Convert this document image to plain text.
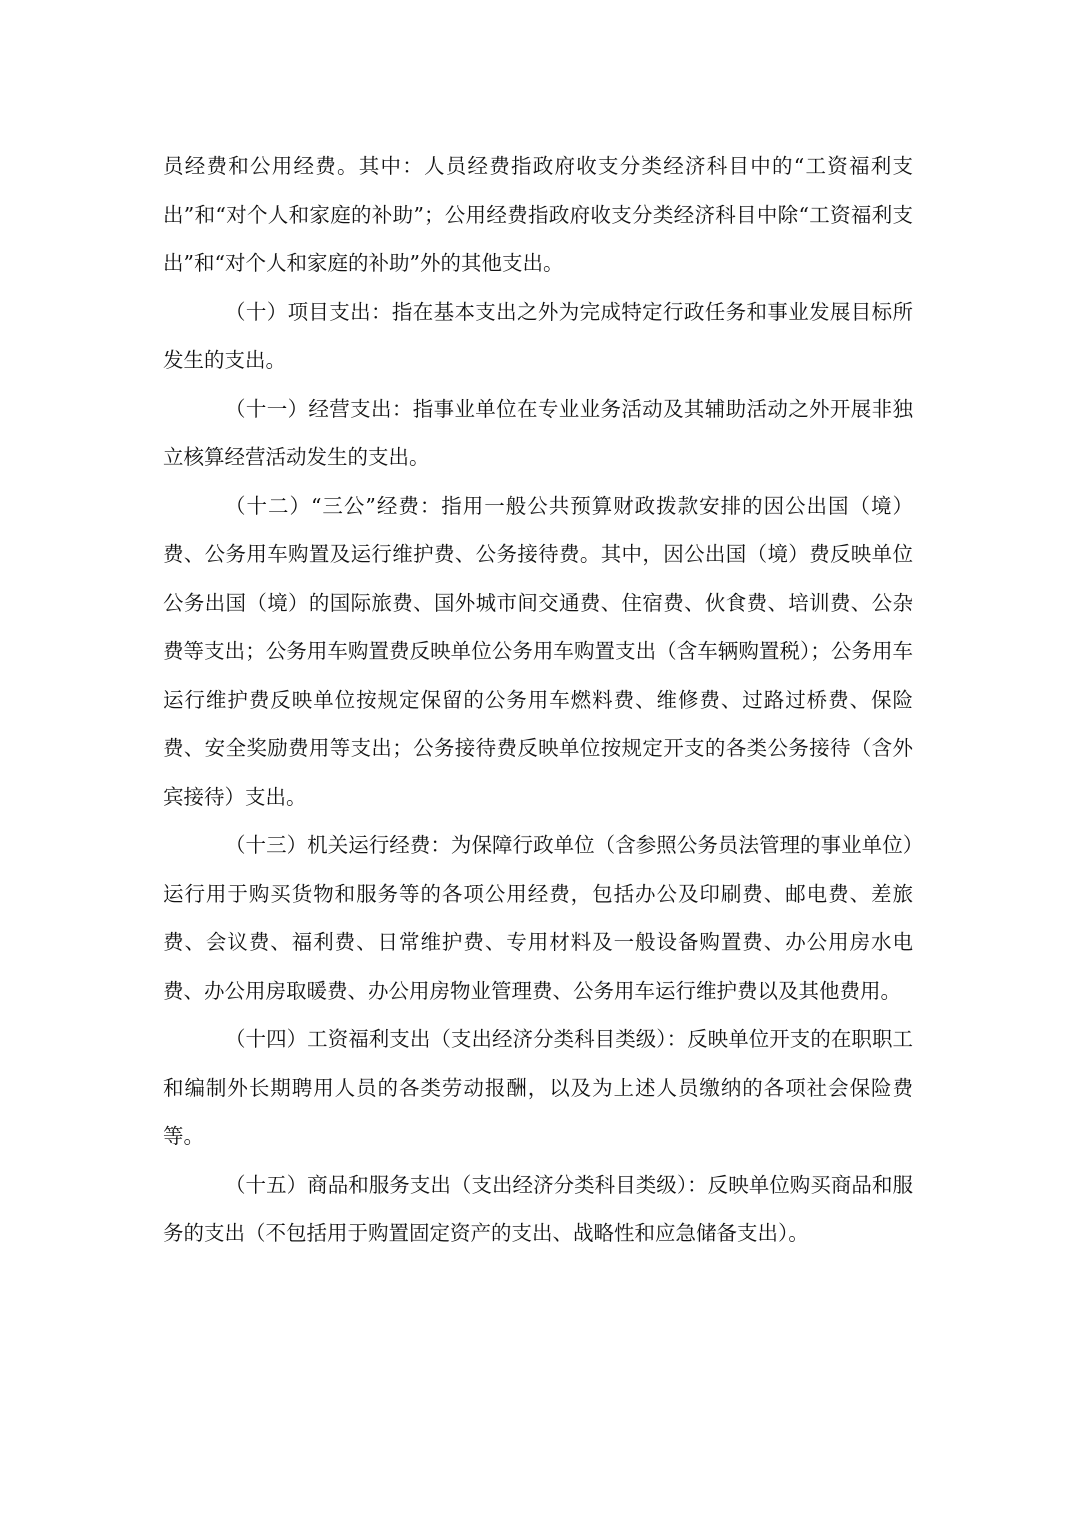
员经费和公用经费。其中：人员经费指政府收支分类经济科目中的“工资福利支出”和“对个人和家庭的补助”；公用经费指政府收支分类经济科目中除“工资福利支出”和“对个人和家庭的补助”外的其他支出。

（十）项目支出：指在基本支出之外为完成特定行政任务和事业发展目标所发生的支出。

（十一）经营支出：指事业单位在专业业务活动及其辅助活动之外开展非独立核算经营活动发生的支出。

（十二）“三公”经费：指用一般公共预算财政拨款安排的因公出国（境）费、公务用车购置及运行维护费、公务接待费。其中，因公出国（境）费反映单位公务出国（境）的国际旅费、国外城市间交通费、住宿费、伙食费、培训费、公杂费等支出；公务用车购置费反映单位公务用车购置支出（含车辆购置税）；公务用车运行维护费反映单位按规定保留的公务用车燃料费、维修费、过路过桥费、保险费、安全奖励费用等支出；公务接待费反映单位按规定开支的各类公务接待（含外宾接待）支出。

（十三）机关运行经费：为保障行政单位（含参照公务员法管理的事业单位）运行用于购买货物和服务等的各项公用经费，包括办公及印刷费、邮电费、差旅费、会议费、福利费、日常维护费、专用材料及一般设备购置费、办公用房水电费、办公用房取暖费、办公用房物业管理费、公务用车运行维护费以及其他费用。

（十四）工资福利支出（支出经济分类科目类级）：反映单位开支的在职职工和编制外长期聘用人员的各类劳动报酬，以及为上述人员缴纳的各项社会保险费等。

（十五）商品和服务支出（支出经济分类科目类级）：反映单位购买商品和服务的支出（不包括用于购置固定资产的支出、战略性和应急储备支出）。
